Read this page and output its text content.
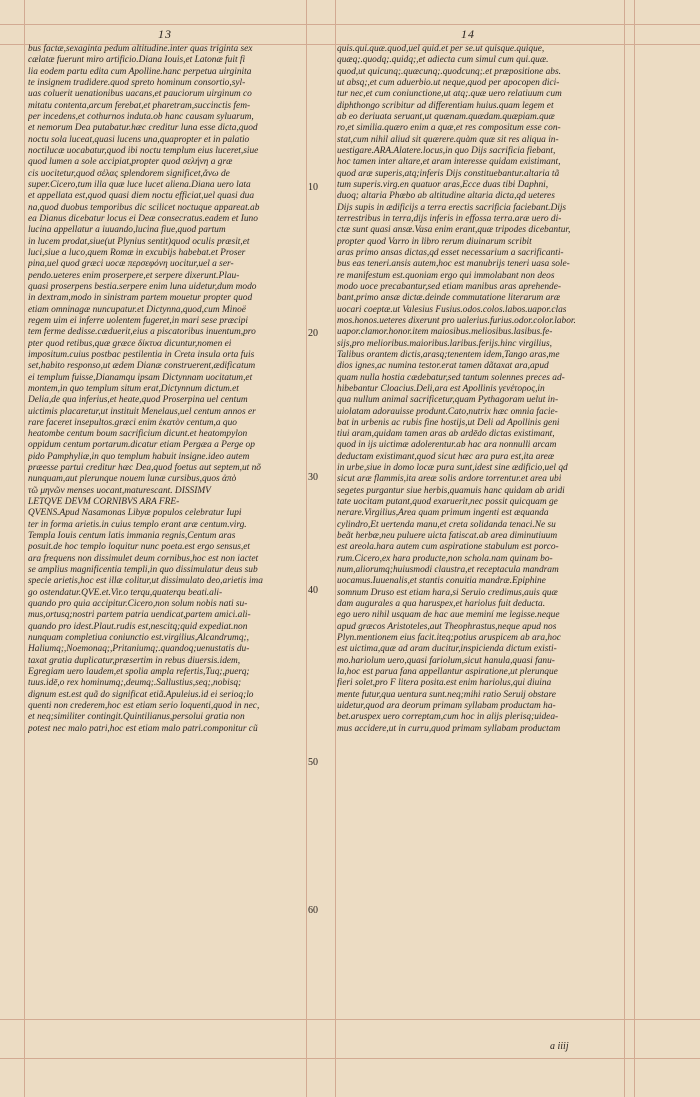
13	14
bus factæ,sexaginta pedum altitudine.inter quas triginta sex
cælatæ fuerunt miro artificio.Diana Iouis,et Latonæ fuit fi
lia eodem partu edita cum Apolline.hanc perpetua uirginita
te insignem tradidere.quod spreto hominum consortio,syl-
uas coluerit uenationibus uacans,et pauciorum uirginum co
mitatu contenta,arcum ferebat,et pharetram,succinctis fem-
per incedens,et cothurnos induta.ob hanc causam syluarum,
et nemorum Dea putabatur.hæc creditur luna esse dicta,quod
noctu sola luceat,quasi lucens una,quapropter et in palatio
noctilucæ uocabatur,quod ibi noctu templum eius luceret,siue
quod lumen a sole accipiat,propter quod σελήνη a græ
cis uocitetur,quod σέλας splendorem significet,ἄνω de
super.Cicero,tum illa quæ luce lucet aliena.Diana uero lata
et appellata est,quod quasi diem noctu efficiat,uel quasi dua
na,quod duobus temporibus dic scilicet noctuque appareat.ab
ea Dianus dicebatur locus ei Deæ consecratus.eadem et Iuno
lucina appellatur a iuuando,lucina fiue,quod partum
in lucem prodat,siue(ut Plynius sentit)quod oculis præsit,et
luci,siue a luco,quem Romæ in excubijs habebat.et Proser
pina,uel quod græci uocæ περσεφόνη uocitur,uel a ser-
pendo.ueteres enim proserpere,et serpere dixerunt.Plau-
quasi proserpens bestia.serpere enim luna uidetur,dum modo
in dextram,modo in sinistram partem mouetur propter quod
etiam omninagæ nuncupatur.et Dictynna,quod,cum Minoë
regem uim ei inferre uolentem fugeret,in mari sese præcipi
tem ferme dedisse.cæduerit,eius a piscatoribus inuentum,pro
pter quod retibus,quæ græce δίκτυα dicuntur,nomen ei
impositum.cuius postbac pestilentia in Creta insula orta fuis
set,habito responso,ut ædem Dianæ construerent,ædificatum
ei templum fuisse,Dianamqu ipsam Dictynnam uocitatum,et
montem,in quo templum situm erat,Dictynnum dictum.et
Delia,de qua inferius,et heate,quod Proserpina uel centum
uictimis placaretur,ut instituit Menelaus,uel centum annos er
rare faceret insepultos.græci enim ἑκατὸν centum,a quo
heatombe centum boum sacrificium dicunt.et heatompylon
oppidum centum portarum.dicatur etiam Pergæa a Perge op
pido Pamphyliæ,in quo templum habuit insigne.ideo autem
præesse partui creditur hæc Dea,quod foetus aut septem,ut nõ
nunquam,aut plerunque nouem lunæ cursibus,quos ἀπὸ
τῶ μηνῶν menses uocant,maturescant. DISSIMV
LETQVE DEVM CORNIBVS ARA FRE-
QVENS.Apud Nasamonas Libyæ populos celebratur Iupi
ter in forma arietis.in cuius templo erant aræ centum.virg.
Templa Iouis centum latis immania regnis,Centum aras
posuit.de hoc templo loquitur nunc poeta.est ergo sensus,et
ara frequens non dissimulet deum cornibus,hoc est non iactet
se amplius magnificentia templi,in quo dissimulatur deus sub
specie arietis,hoc est illæ colitur,ut dissimulato deo,arietis ima
go ostendatur.QVE.et.Vir.o terqu,quaterqu beati.ali-
quando pro quia accipitur.Cicero,non solum nobis nati su-
mus,ortusq;nostri partem patria uendicat,partem amici.ali-
quando pro idest.Plaut.rudis est,nescitq;quid expediat.non
nunquam completiua coniunctio est.virgilius,Alcandrumq;,
Haliumq;,Noemonaq;,Pritaniumq;.quandoq;uenustatis du-
taxat gratia duplicatur,præsertim in rebus diuersis.idem,
Egregiam uero laudem,et spolia ampla refertis,Tuq;,puerq;
tuus.idē,o rex hominumq;,deumq;.Sallustius,seq;,nobisq;
dignum est.est quã do significat etiã.Apuleius.id ei serioq;lo
quenti non crederem,hoc est etiam serio loquenti,quod in nec,
et neq;similiter contingit.Quintilianus,persolui gratia non
potest nec malo patri,hoc est etiam malo patri.componitur cũ
quis.qui.quæ.quod,uel quid.et per se.ut quisque.quique,
quæq;.quodq;.quidq;,et adiecta cum simul cum qui.quæ.
quod,ut quicunq;.quæcunq;.quodcunq;.et præpositione abs.
ut absq;,et cum aduerbio.ut neque,quod per apocopen dici-
tur nec,et cum coniunctione,ut atq;.quæ uero relatiuum cum
diphthongo scribitur ad differentiam huius.quam legem et
ab eo deriuata seruant,ut quænam.quædam.quæpiam.quæ
ro,et similia.quæro enim a quæ,et res compositum esse con-
stat,cum nihil aliud sit quærere.quàm quæ sit res aliqua in-
uestigare.ARA.Alatere.locus,in quo Dijs sacrificia fiebant,
hoc tamen inter altare,et aram interesse quidam existimant,
quod aræ superis,atq;inferis Dijs constituebantur.altaria tã
tum superis.virg.en quatuor aras,Ecce duas tibi Daphni,
duoq; altaria Phœbo ab altitudine altaria dicta,qd ueteres
Dijs supis in ædificijs a terra erectis sacrificia faciebant.Dijs
terrestribus in terra,dijs inferis in effossa terra.aræ uero di-
ctæ sunt quasi ansæ.Vasa enim erant,quæ tripodes dicebantur,
propter quod Varro in libro rerum diuinarum scribit
aras primo ansas dictas,qd esset necessarium a sacrificanti-
bus eas teneri.ansis autem,hoc est manubrijs teneri uasa sole-
re manifestum est.quoniam ergo qui immolabant non deos
modo uoce precabantur,sed etiam manibus aras aprehende-
bant,primo ansæ dictæ.deinde commutatione literarum aræ
uocari coeptæ.ut Valesius Fusius.odos.colos.labos.uapor.clas
mos.honos.ueteres dixerunt pro ualerius.furius.odor.color.labor.
uapor.clamor.honor.item maiosibus.meliosibus.lasibus.fe-
sijs,pro melioribus.maioribus.laribus.ferijs.hinc virgilius,
Talibus orantem dictis,arasq;tenentem idem,Tango aras,me
dios ignes,ac numina testor.erat tamen dãtaxat ara,apud
quam nulla hostia cædebatur,sed tantum solennes preces ad-
hibebantur Cloacius.Deli,ara est Apollinis γενέτορος,in
qua nullum animal sacrificetur,quam Pythagoram uelut in-
uiolatam adorauisse produnt.Cato,nutrix hæc omnia facie-
bat in urbenis ac rubis fine hostijs,ut Deli ad Apollinis geni
tiui aram,quidam tamen aras ab ardēdo dictas existimant,
quod in ijs uictimæ adolerentur.ab hac ara nonnulli arcam
deductam existimant,quod sicut hæc ara pura est,ita areæ
in urbe,siue in domo locæ pura sunt,idest sine ædificio,uel qd
sicut aræ flammis,ita areæ solis ardore torrentur.et area ubi
segetes purgantur siue herbis,quamuis hanc quidam ab aridi
tate uocitam putant,quod exaruerit,nec possit quicquam ge
nerare.Virgilius,Area quam primum ingenti est æquanda
cylindro,Et uertenda manu,et creta solidanda tenaci.Ne su
beãt herbæ,neu puluere uicta fatiscat.ab area diminutiuum
est areola.hara autem cum aspiratione stabulum est porco-
rum.Cicero,ex hara producte,non schola.nam quinam bo-
num,aliorumq;huiusmodi claustra,et receptacula mandram
uocamus.Iuuenalis,et stantis conuitia mandræ.Epiphine
somnum Druso est etiam hara,si Seruio credimus,auis quæ
dam augurales a qua haruspex,et hariolus fuit deducta.
ego uero nihil usquam de hac aue meminí me legisse.neque
apud græcos Aristoteles,aut Theophrastus,neque apud nos
Plyn.mentionem eius facit.iteq;potius aruspicem ab ara,hoc
est uictima,quæ ad aram ducitur,inspicienda dictum existi-
mo.hariolum uero,quasi fariolum,sicut hanula,quasi fanu-
la,hoc est parua fana appellantur aspiratione,ut plerunque
fieri solet,pro F litera posita.est enim hariolus,qui diuina
mente futur,qua uentura sunt.neq;mihi ratio Seruij obstare
uidetur,quod ara deorum primam syllabam productam ha-
bet.aruspex uero correptam,cum hoc in alijs plerisq;uidea-
mus accidere,ut in curru,quod primam syllabam productam
10
20
30
40
50
60
a iiij
